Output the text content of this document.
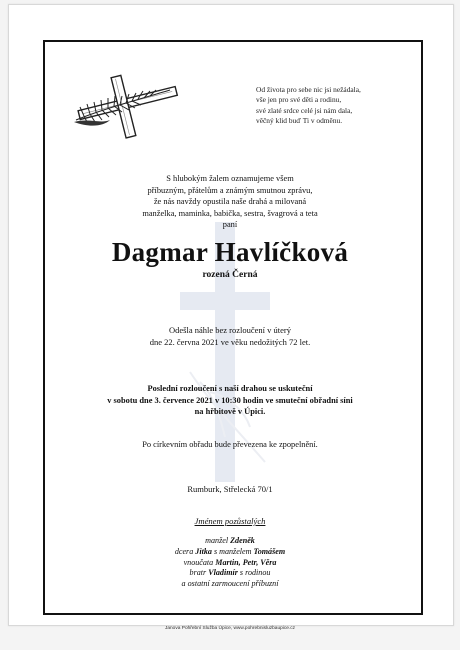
Od života pro sebe nic jsi nežádala,
vše jen pro své děti a rodinu,
své zlaté srdce celé jsi nám dala,
věčný klid buď Ti v odměnu.
S hlubokým žalem oznamujeme všem
příbuzným, přátelům a známým smutnou zprávu,
že nás navždy opustila naše drahá a milovaná
manželka, maminka, babička, sestra, švagrová a teta
paní
Dagmar Havlíčková
rozená Černá
Odešla náhle bez rozloučení v úterý
dne 22. června 2021 ve věku nedožitých 72 let.
Poslední rozloučení s naší drahou se uskuteční
v sobotu dne 3. července 2021 v 10:30 hodin ve smuteční obřadní síni
na hřbitově v Úpici.
Po církevním obřadu bude převezena ke zpopelnění.
Rumburk, Střelecká 70/1
Jménem pozůstalých
manžel Zdeněk
dcera Jitka s manželem Tomášem
vnoučata Martin, Petr, Věra
bratr Vladimír s rodinou
a ostatní zarmoucení příbuzní
Janova Pohřební Služba Úpice, www.pohrebnisluzbaupice.cz
